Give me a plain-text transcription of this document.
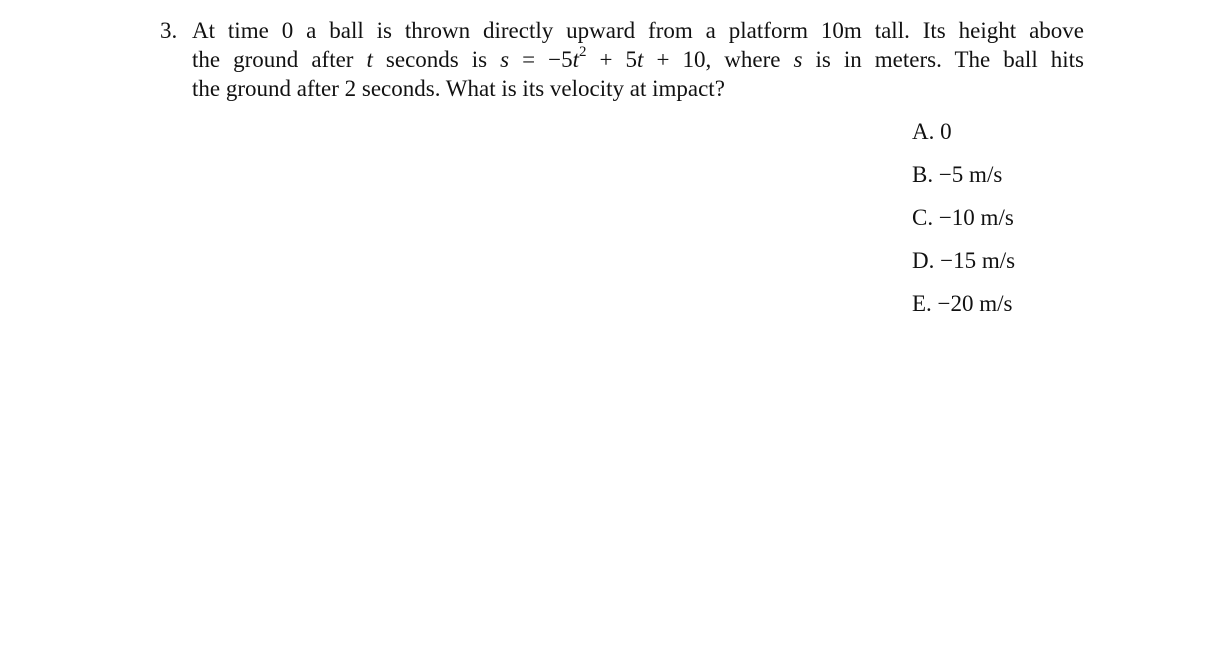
3. At time 0 a ball is thrown directly upward from a platform 10m tall. Its height above
the ground after t seconds is $s = -5t^2 + 5t + 10$, where s is in meters. The ball hits
the ground after 2 seconds. What is its velocity at impact?
A. 0
B. −5 m/s
C. −10 m/s
D. −15 m/s
E. −20 m/s
